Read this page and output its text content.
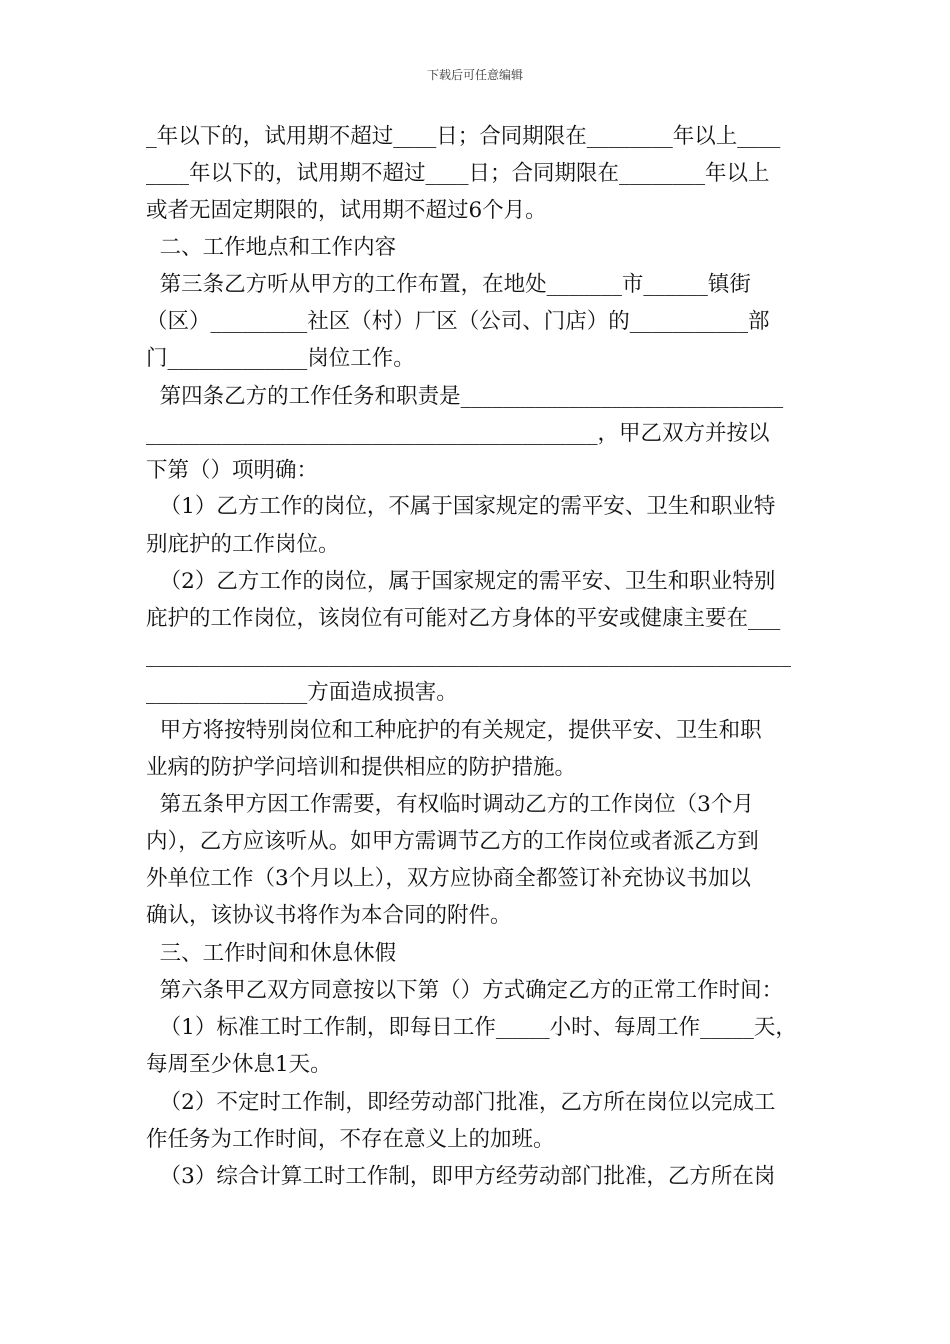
下载后可任意编辑
_年以下的，试用期不超过____日；合同期限在________年以上____
____年以下的，试用期不超过____日；合同期限在________年以上
或者无固定期限的，试用期不超过6个月。
二、工作地点和工作内容
第三条乙方听从甲方的工作布置，在地处_______市______镇街
（区）_________社区（村）厂区（公司、门店）的___________部
门_____________岗位工作。
第四条乙方的工作任务和职责是______________________________
__________________________________________，甲乙双方并按以
下第（）项明确：
（1）乙方工作的岗位，不属于国家规定的需平安、卫生和职业特
别庇护的工作岗位。
（2）乙方工作的岗位，属于国家规定的需平安、卫生和职业特别
庇护的工作岗位，该岗位有可能对乙方身体的平安或健康主要在___
____________________________________________________________
_______________方面造成损害。
甲方将按特别岗位和工种庇护的有关规定，提供平安、卫生和职
业病的防护学问培训和提供相应的防护措施。
第五条甲方因工作需要，有权临时调动乙方的工作岗位（3个月
内），乙方应该听从。如甲方需调节乙方的工作岗位或者派乙方到
外单位工作（3个月以上），双方应协商全都签订补充协议书加以
确认，该协议书将作为本合同的附件。
三、工作时间和休息休假
第六条甲乙双方同意按以下第（）方式确定乙方的正常工作时间：
（1）标准工时工作制，即每日工作_____小时、每周工作_____天，
每周至少休息1天。
（2）不定时工作制，即经劳动部门批准，乙方所在岗位以完成工
作任务为工作时间，不存在意义上的加班。
（3）综合计算工时工作制，即甲方经劳动部门批准，乙方所在岗
